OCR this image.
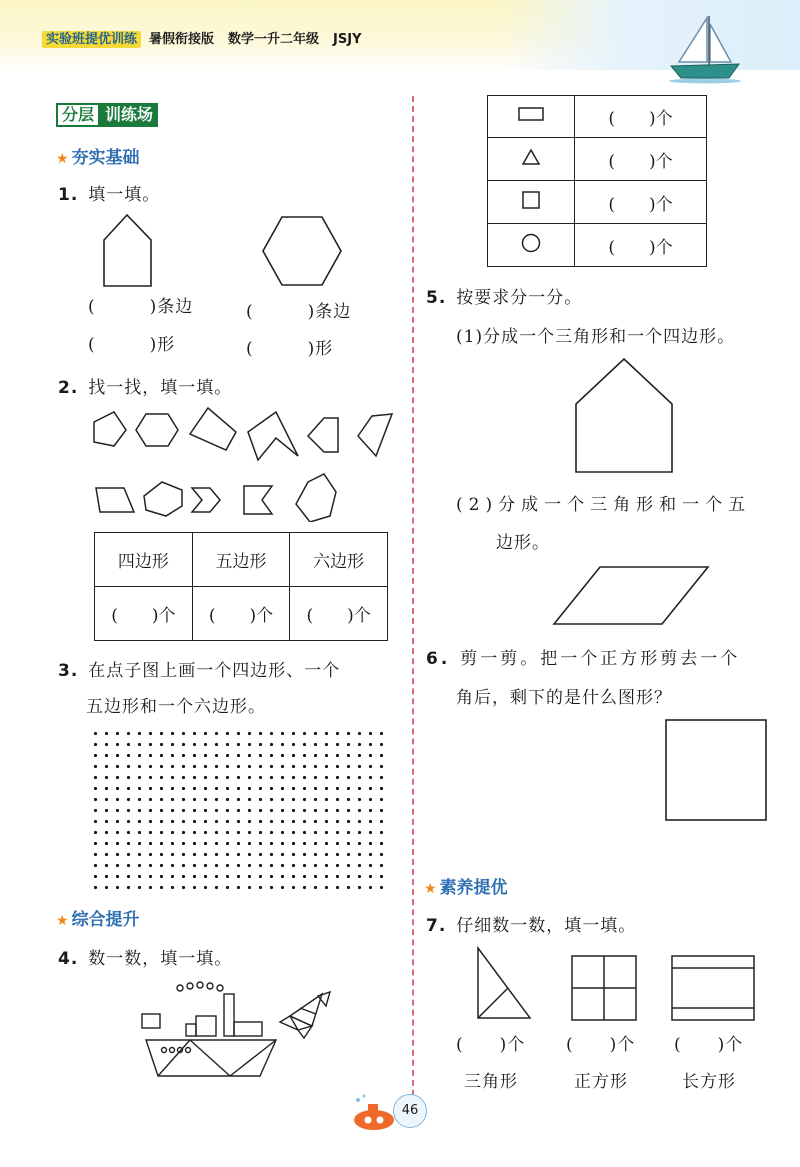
实验班提优训练 暑假衔接版 数学一升二年级 JSJY
分层 训练场
★ 夯实基础
1. 填一填。
(　　　)条边	(　　　)条边
(　　　)形	(　　　)形
2. 找一找，填一填。
四边形	五边形	六边形
(　　)个	(　　)个	(　　)个
3. 在点子图上画一个四边形、一个
五边形和一个六边形。
★ 综合提升
4. 数一数，填一填。
	(　　)个
	(　　)个
	(　　)个
	(　　)个
5. 按要求分一分。
(1)分成一个三角形和一个四边形。
(2)分成一个三角形和一个五
边形。
6. 剪一剪。把一个正方形剪去一个
角后，剩下的是什么图形？
★ 素养提优
7. 仔细数一数，填一填。
(　　)个 (　　)个 (　　)个
三角形	正方形	长方形
46
